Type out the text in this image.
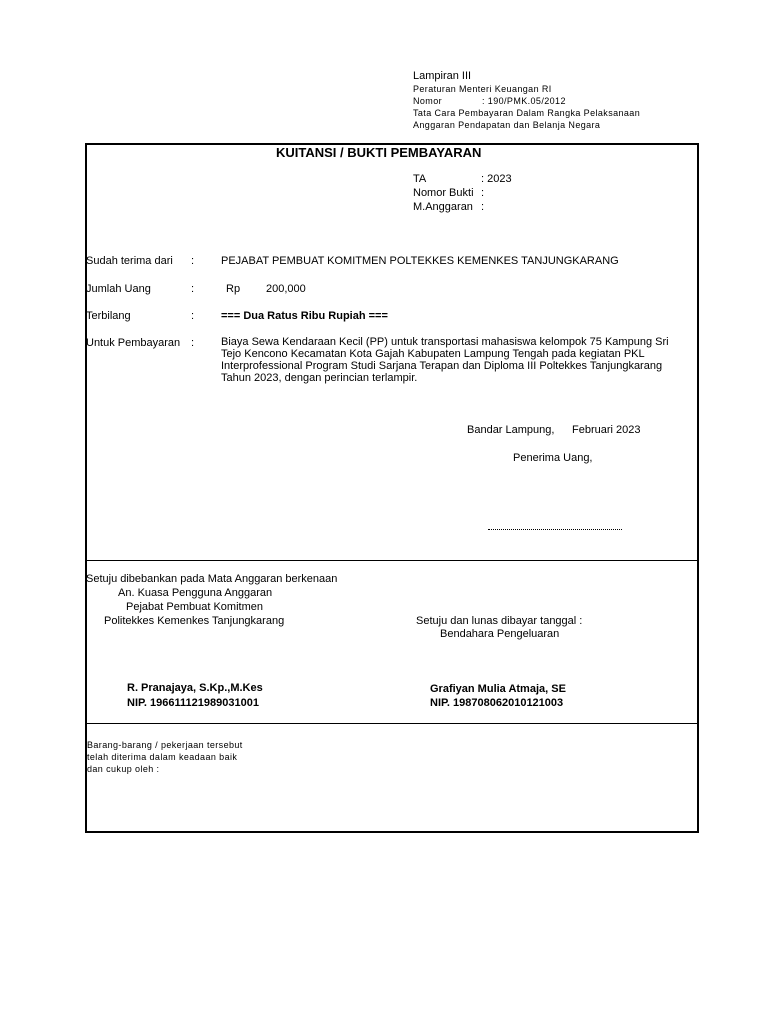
Lampiran III
Peraturan Menteri Keuangan RI
Nomor	: 190/PMK.05/2012
Tata Cara Pembayaran Dalam Rangka Pelaksanaan
Anggaran Pendapatan dan Belanja Negara
KUITANSI / BUKTI PEMBAYARAN
TA	: 2023
Nomor Bukti :
M.Anggaran :
Sudah terima dari : PEJABAT PEMBUAT KOMITMEN POLTEKKES KEMENKES TANJUNGKARANG
Jumlah Uang	:	Rp 200,000
Terbilang	: === Dua Ratus Ribu Rupiah ===
Untuk Pembayaran : Biaya Sewa Kendaraan Kecil (PP) untuk transportasi mahasiswa kelompok 75 Kampung Sri Tejo Kencono Kecamatan Kota Gajah Kabupaten Lampung Tengah pada kegiatan PKL Interprofessional Program Studi Sarjana Terapan dan Diploma III Poltekkes Tanjungkarang Tahun 2023, dengan perincian terlampir.
Bandar Lampung, Februari 2023
Penerima Uang,
Setuju dibebankan pada Mata Anggaran berkenaan
An. Kuasa Pengguna Anggaran
Pejabat Pembuat Komitmen
Politekkes Kemenkes Tanjungkarang	Setuju dan lunas dibayar tanggal :
Bendahara Pengeluaran
R. Pranajaya, S.Kp.,M.Kes
NIP. 196611121989031001
Grafiyan Mulia Atmaja, SE
NIP. 198708062010121003
Barang-barang / pekerjaan tersebut
telah diterima dalam keadaan baik
dan cukup oleh :
